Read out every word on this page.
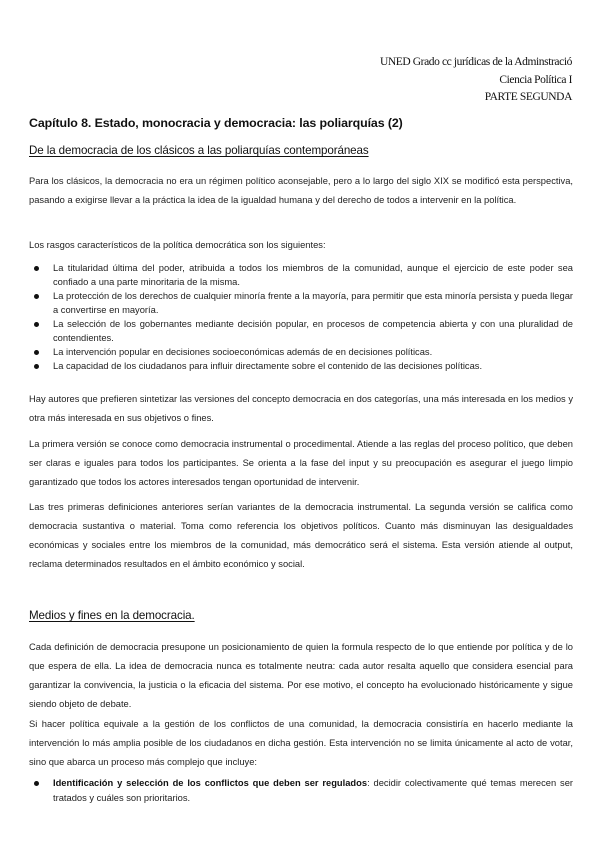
UNED Grado cc jurídicas de la Adminstració
Ciencia Política I
PARTE SEGUNDA
Capítulo 8. Estado, monocracia y democracia: las poliarquías (2)
De la democracia de los clásicos a las poliarquías contemporáneas

Para los clásicos, la democracia no era un régimen político aconsejable, pero a lo largo del siglo XIX se modificó esta perspectiva, pasando a exigirse llevar a la práctica la idea de la igualdad humana y del derecho de todos a intervenir en la política.

Los rasgos característicos de la política democrática son los siguientes:

La titularidad última del poder, atribuida a todos los miembros de la comunidad, aunque el ejercicio de este poder sea confiado a una parte minoritaria de la misma.
La protección de los derechos de cualquier minoría frente a la mayoría, para permitir que esta minoría persista y pueda llegar a convertirse en mayoría.
La selección de los gobernantes mediante decisión popular, en procesos de competencia abierta y con una pluralidad de contendientes.
La intervención popular en decisiones socioeconómicas además de en decisiones políticas.
La capacidad de los ciudadanos para influir directamente sobre el contenido de las decisiones políticas.

Hay autores que prefieren sintetizar las versiones del concepto democracia en dos categorías, una más interesada en los medios y otra más interesada en sus objetivos o fines.

La primera versión se conoce como democracia instrumental o procedimental. Atiende a las reglas del proceso político, que deben ser claras e iguales para todos los participantes. Se orienta a la fase del input y su preocupación es asegurar el juego limpio garantizado que todos los actores interesados tengan oportunidad de intervenir.

Las tres primeras definiciones anteriores serían variantes de la democracia instrumental. La segunda versión se califica como democracia sustantiva o material. Toma como referencia los objetivos políticos. Cuanto más disminuyan las desigualdades económicas y sociales entre los miembros de la comunidad, más democrático será el sistema. Esta versión atiende al output, reclama determinados resultados en el ámbito económico y social.

Medios y fines en la democracia.

Cada definición de democracia presupone un posicionamiento de quien la formula respecto de lo que entiende por política y de lo que espera de ella. La idea de democracia nunca es totalmente neutra: cada autor resalta aquello que considera esencial para garantizar la convivencia, la justicia o la eficacia del sistema. Por ese motivo, el concepto ha evolucionado históricamente y sigue siendo objeto de debate.

Si hacer política equivale a la gestión de los conflictos de una comunidad, la democracia consistiría en hacerlo mediante la intervención lo más amplia posible de los ciudadanos en dicha gestión. Esta intervención no se limita únicamente al acto de votar, sino que abarca un proceso más complejo que incluye:

Identificación y selección de los conflictos que deben ser regulados: decidir colectivamente qué temas merecen ser tratados y cuáles son prioritarios.
